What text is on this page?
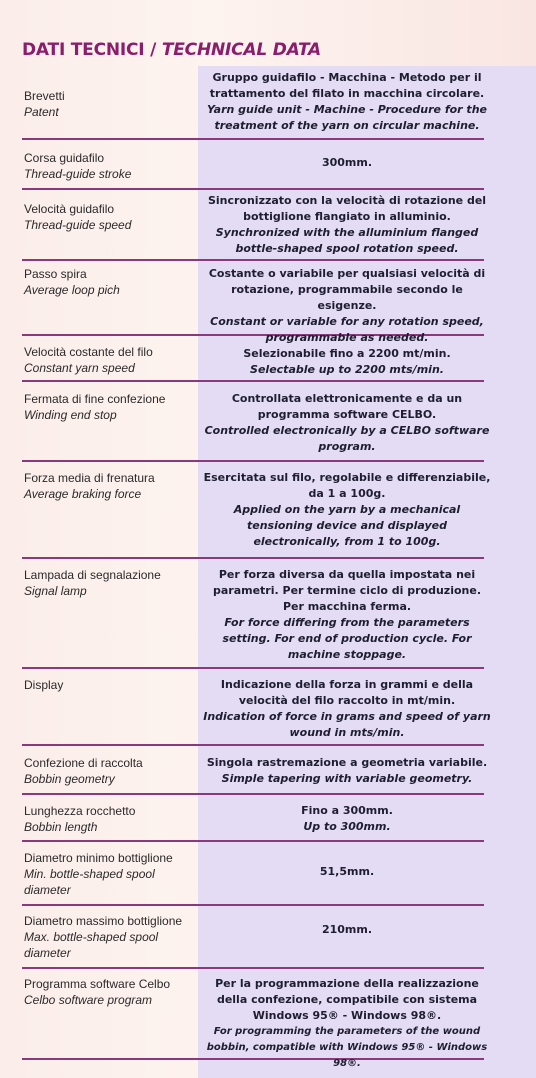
DATI TECNICI / TECHNICAL DATA
Brevetti
Patent
Gruppo guidafilo - Macchina - Metodo per il trattamento del filato in macchina circolare.
Yarn guide unit - Machine - Procedure for the treatment of the yarn on circular machine.
Corsa guidafilo
Thread-guide stroke
300mm.
Velocità guidafilo
Thread-guide speed
Sincronizzato con la velocità di rotazione del bottiglione flangiato in alluminio.
Synchronized with the alluminium flanged bottle-shaped spool rotation speed.
Passo spira
Average loop pich
Costante o variabile per qualsiasi velocità di rotazione, programmabile secondo le esigenze.
Constant or variable for any rotation speed, programmable as needed.
Velocità costante del filo
Constant yarn speed
Selezionabile fino a 2200 mt/min.
Selectable up to 2200 mts/min.
Fermata di fine confezione
Winding end stop
Controllata elettronicamente e da un programma software CELBO.
Controlled electronically by a CELBO software program.
Forza media di frenatura
Average braking force
Esercitata sul filo, regolabile e differenziabile, da 1 a 100g.
Applied on the yarn by a mechanical tensioning device and displayed electronically, from 1 to 100g.
Lampada di segnalazione
Signal lamp
Per forza diversa da quella impostata nei parametri. Per termine ciclo di produzione. Per macchina ferma.
For force differing from the parameters setting. For end of production cycle. For machine stoppage.
Display	Indicazione della forza in grammi e della velocità del filo raccolto in mt/min.
Indication of force in grams and speed of yarn wound in mts/min.
Confezione di raccolta
Bobbin geometry
Singola rastremazione a geometria variabile.
Simple tapering with variable geometry.
Lunghezza rocchetto
Bobbin length
Fino a 300mm.
Up to 300mm.
Diametro minimo bottiglione
Min. bottle-shaped spool diameter
51,5mm.
Diametro massimo bottiglione
Max. bottle-shaped spool diameter
210mm.
Programma software Celbo
Celbo software program
Per la programmazione della realizzazione della confezione, compatibile con sistema Windows 95® - Windows 98®.
For programming the parameters of the wound bobbin, compatible with Windows 95® - Windows 98®.
